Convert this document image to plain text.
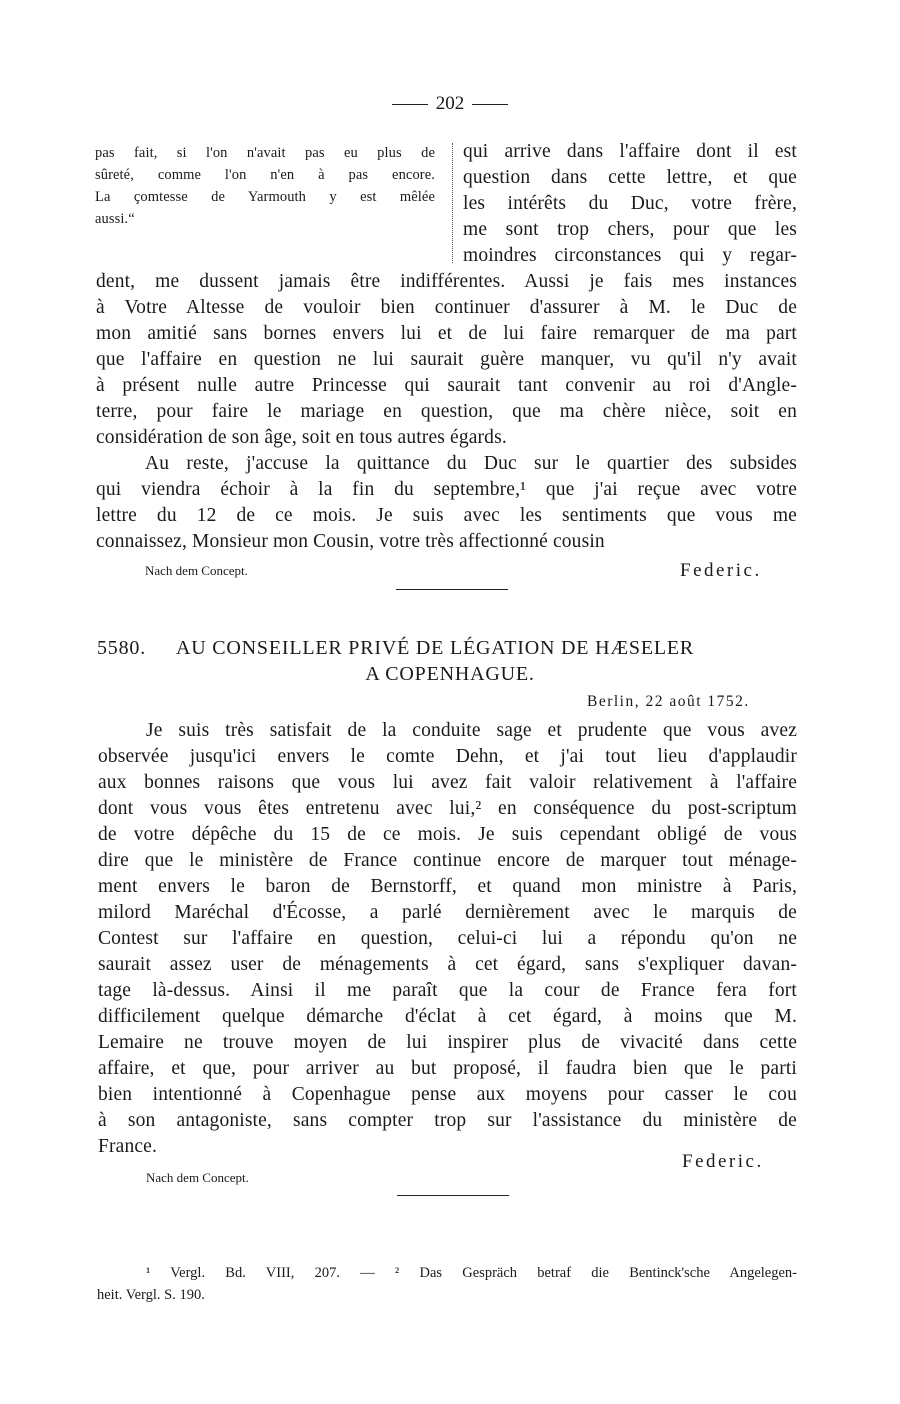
202
pas fait, si l'on n'avait pas eu plus de
sûreté, comme l'on n'en à pas encore.
La çomtesse de Yarmouth y est mêlée
aussi.“
qui arrive dans l'affaire dont il est
question dans cette lettre, et que
les intérêts du Duc, votre frère,
me sont trop chers, pour que les
moindres circonstances qui y regar-
dent, me dussent jamais être indifférentes. Aussi je fais mes instances
à Votre Altesse de vouloir bien continuer d'assurer à M. le Duc de
mon amitié sans bornes envers lui et de lui faire remarquer de ma part
que l'affaire en question ne lui saurait guère manquer, vu qu'il n'y avait
à présent nulle autre Princesse qui saurait tant convenir au roi d'Angle-
terre, pour faire le mariage en question, que ma chère nièce, soit en
considération de son âge, soit en tous autres égards.
Au reste, j'accuse la quittance du Duc sur le quartier des subsides
qui viendra échoir à la fin du septembre,¹ que j'ai reçue avec votre
lettre du 12 de ce mois. Je suis avec les sentiments que vous me
connaissez, Monsieur mon Cousin, votre très affectionné cousin
Nach dem Concept.	Federic.
5580. AU CONSEILLER PRIVÉ DE LÉGATION DE HÆSELER
A COPENHAGUE.
Berlin, 22 août 1752.
Je suis très satisfait de la conduite sage et prudente que vous avez
observée jusqu'ici envers le comte Dehn, et j'ai tout lieu d'applaudir
aux bonnes raisons que vous lui avez fait valoir relativement à l'affaire
dont vous vous êtes entretenu avec lui,² en conséquence du post-scriptum
de votre dépêche du 15 de ce mois. Je suis cependant obligé de vous
dire que le ministère de France continue encore de marquer tout ménage-
ment envers le baron de Bernstorff, et quand mon ministre à Paris,
milord Maréchal d'Écosse, a parlé dernièrement avec le marquis de
Contest sur l'affaire en question, celui-ci lui a répondu qu'on ne
saurait assez user de ménagements à cet égard, sans s'expliquer davan-
tage là-dessus. Ainsi il me paraît que la cour de France fera fort
difficilement quelque démarche d'éclat à cet égard, à moins que M.
Lemaire ne trouve moyen de lui inspirer plus de vivacité dans cette
affaire, et que, pour arriver au but proposé, il faudra bien que le parti
bien intentionné à Copenhague pense aux moyens pour casser le cou
à son antagoniste, sans compter trop sur l'assistance du ministère de
France.
Federic.
Nach dem Concept.
¹ Vergl. Bd. VIII, 207. — ² Das Gespräch betraf die Bentinck'sche Angelegen-
heit. Vergl. S. 190.
